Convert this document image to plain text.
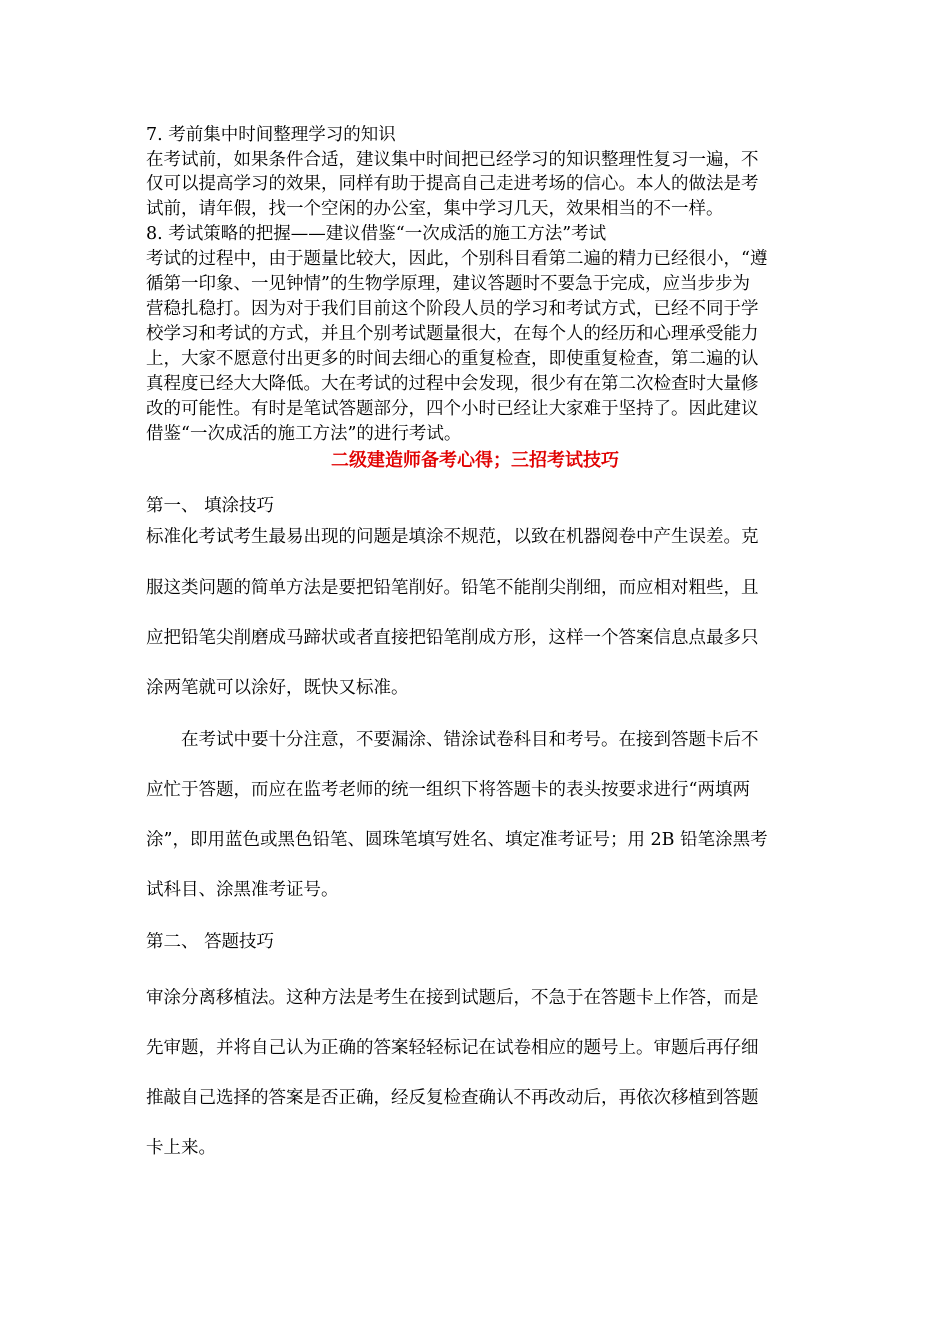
7. 考前集中时间整理学习的知识
在考试前，如果条件合适，建议集中时间把已经学习的知识整理性复习一遍，不
仅可以提高学习的效果，同样有助于提高自己走进考场的信心。本人的做法是考
试前，请年假，找一个空闲的办公室，集中学习几天，效果相当的不一样。
8. 考试策略的把握——建议借鉴“一次成活的施工方法”考试
考试的过程中，由于题量比较大，因此，个别科目看第二遍的精力已经很小，“遵
循第一印象、一见钟情”的生物学原理，建议答题时不要急于完成，应当步步为
营稳扎稳打。因为对于我们目前这个阶段人员的学习和考试方式，已经不同于学
校学习和考试的方式，并且个别考试题量很大，在每个人的经历和心理承受能力
上，大家不愿意付出更多的时间去细心的重复检查，即使重复检查，第二遍的认
真程度已经大大降低。大在考试的过程中会发现，很少有在第二次检查时大量修
改的可能性。有时是笔试答题部分，四个小时已经让大家难于坚持了。因此建议
借鉴“一次成活的施工方法”的进行考试。
二级建造师备考心得；三招考试技巧
第一、 填涂技巧
标准化考试考生最易出现的问题是填涂不规范，以致在机器阅卷中产生误差。克
服这类问题的简单方法是要把铅笔削好。铅笔不能削尖削细，而应相对粗些，且
应把铅笔尖削磨成马蹄状或者直接把铅笔削成方形，这样一个答案信息点最多只
涂两笔就可以涂好，既快又标准。
在考试中要十分注意，不要漏涂、错涂试卷科目和考号。在接到答题卡后不
应忙于答题，而应在监考老师的统一组织下将答题卡的表头按要求进行“两填两
涂”，即用蓝色或黑色铅笔、圆珠笔填写姓名、填定准考证号；用 2B 铅笔涂黑考
试科目、涂黑准考证号。
第二、 答题技巧
审涂分离移植法。这种方法是考生在接到试题后，不急于在答题卡上作答，而是
先审题，并将自己认为正确的答案轻轻标记在试卷相应的题号上。审题后再仔细
推敲自己选择的答案是否正确，经反复检查确认不再改动后，再依次移植到答题
卡上来。
